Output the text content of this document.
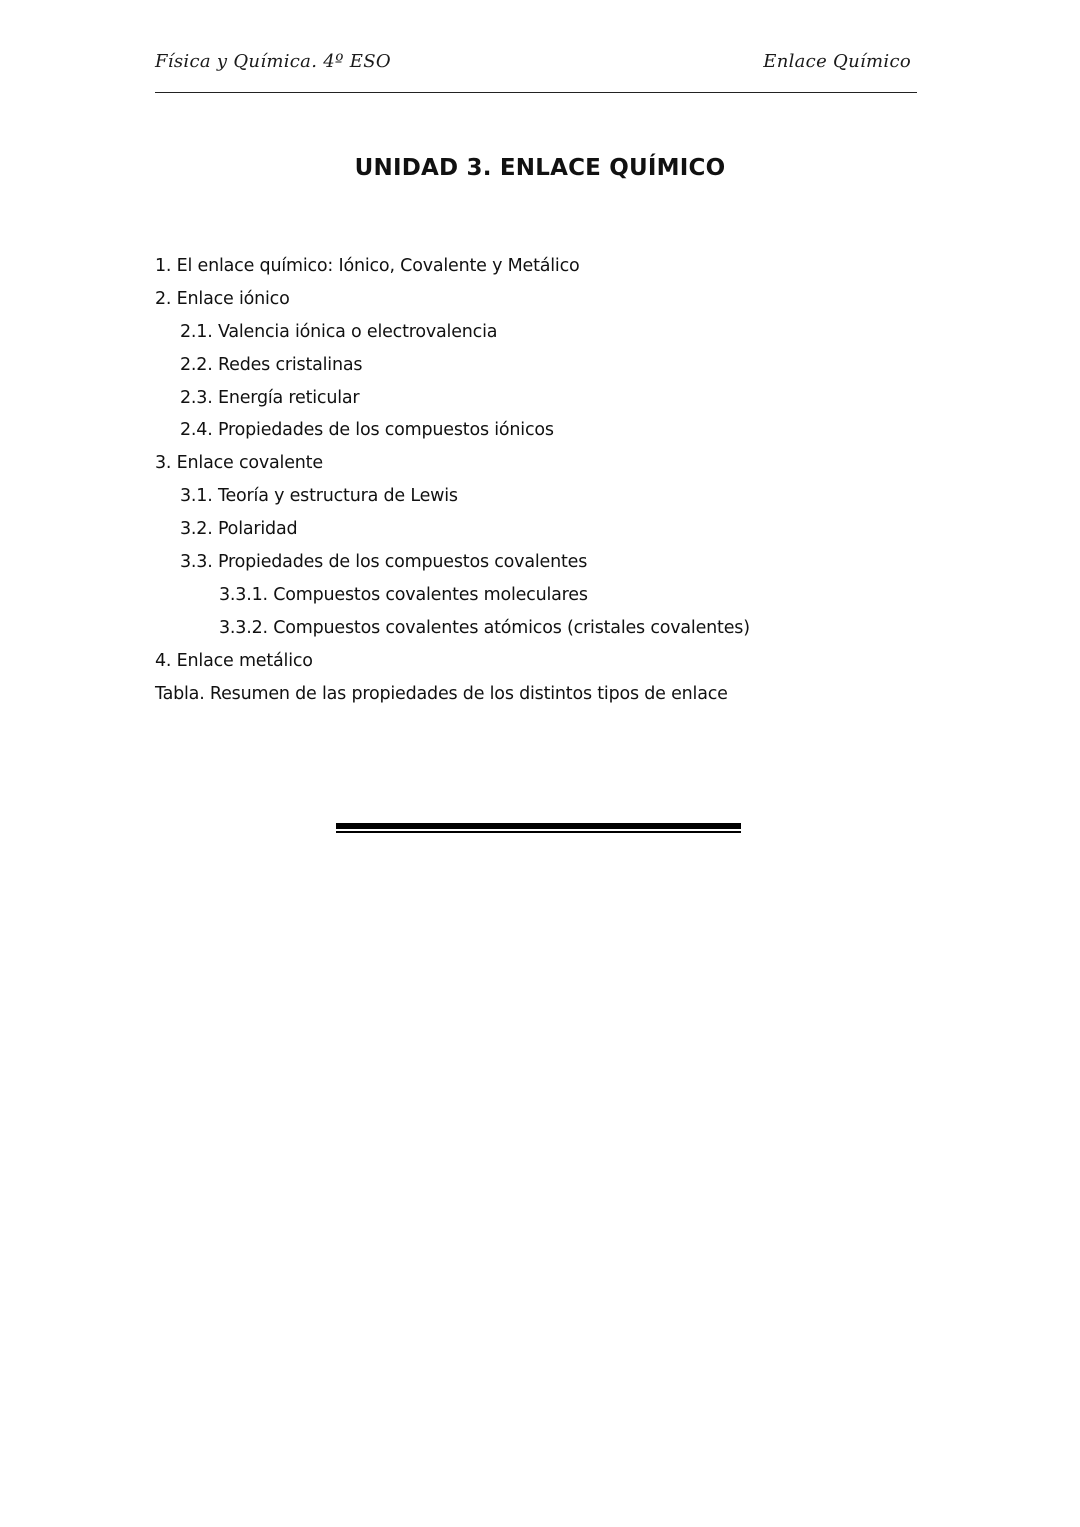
Física y Química. 4º ESO	Enlace Químico
UNIDAD 3. ENLACE QUÍMICO
1. El enlace químico: Iónico, Covalente y Metálico
2. Enlace iónico
2.1. Valencia iónica o electrovalencia
2.2. Redes cristalinas
2.3. Energía reticular
2.4. Propiedades de los compuestos iónicos
3. Enlace covalente
3.1. Teoría y estructura de Lewis
3.2. Polaridad
3.3. Propiedades de los compuestos covalentes
3.3.1. Compuestos covalentes moleculares
3.3.2. Compuestos covalentes atómicos (cristales covalentes)
4. Enlace metálico
Tabla. Resumen de las propiedades de los distintos tipos de enlace
